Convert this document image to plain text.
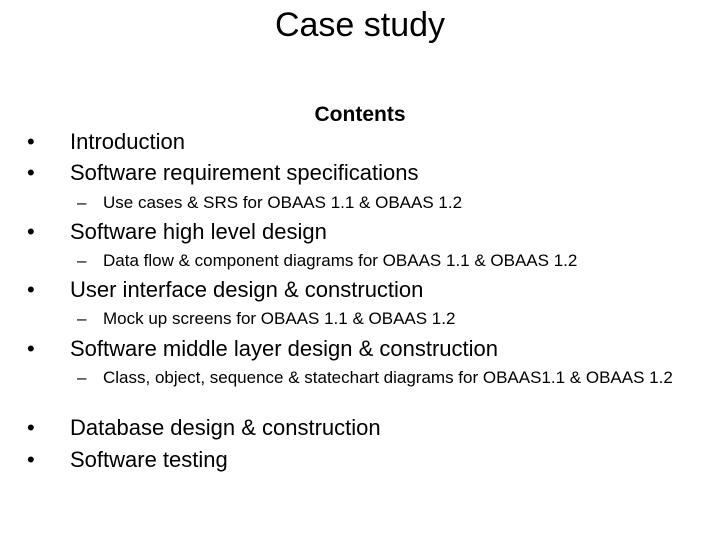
Case study
Contents
• Introduction
• Software requirement specifications
– Use cases & SRS for OBAAS 1.1 & OBAAS 1.2
• Software high level design
– Data flow & component diagrams for OBAAS 1.1 & OBAAS 1.2
• User interface design & construction
– Mock up screens for OBAAS 1.1 & OBAAS 1.2
• Software middle layer design & construction
– Class, object, sequence & statechart diagrams for OBAAS1.1 & OBAAS 1.2
• Database design & construction
• Software testing
